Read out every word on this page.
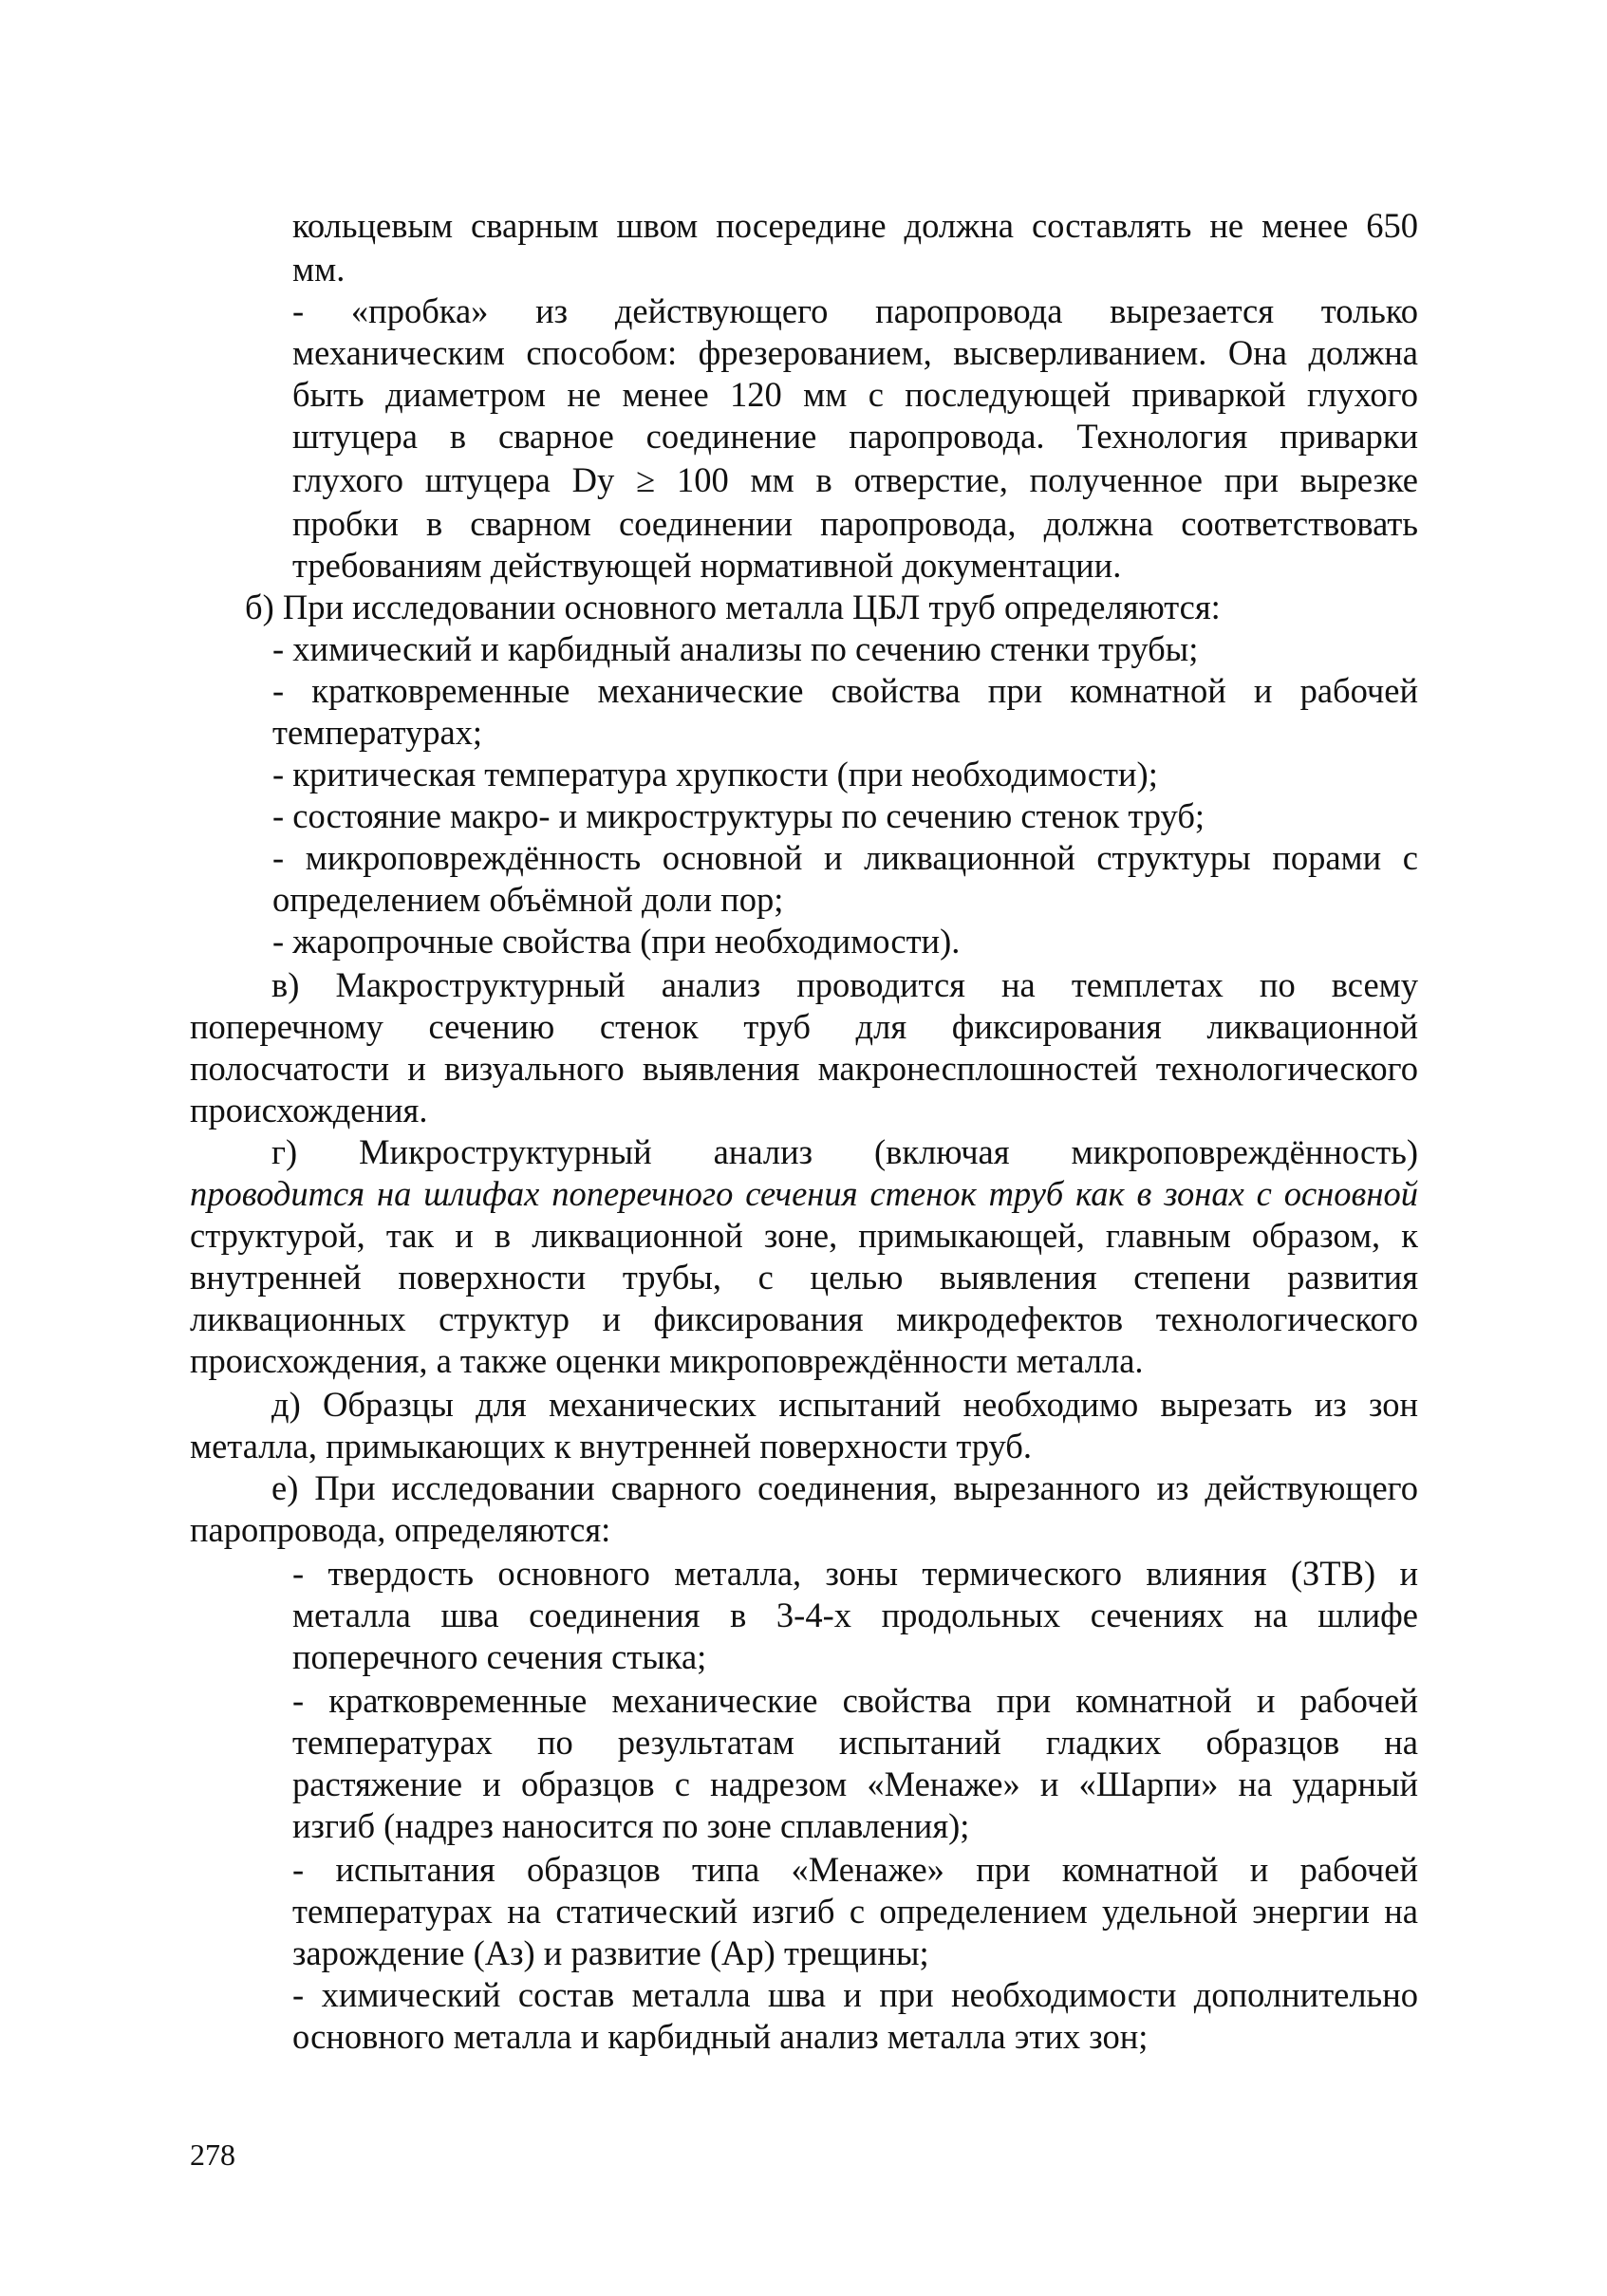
кольцевым сварным швом посередине должна составлять не менее 650
мм.
- «пробка» из действующего паропровода вырезается только
механическим способом: фрезерованием, высверливанием. Она должна
быть диаметром не менее 120 мм с последующей приваркой глухого
штуцера в сварное соединение паропровода. Технология приварки
глухого штуцера Dy ≥ 100 мм в отверстие, полученное при вырезке
пробки в сварном соединении паропровода, должна соответствовать
требованиям действующей нормативной документации.
б) При исследовании основного металла ЦБЛ труб определяются:
- химический и карбидный анализы по сечению стенки трубы;
- кратковременные механические свойства при комнатной и рабочей
температурах;
- критическая температура хрупкости (при необходимости);
- состояние макро- и микроструктуры по сечению стенок труб;
- микроповреждённость основной и ликвационной структуры порами с
определением объёмной доли пор;
- жаропрочные свойства (при необходимости).
в) Макроструктурный анализ проводится на темплетах по всему
поперечному сечению стенок труб для фиксирования ликвационной
полосчатости и визуального выявления макронесплошностей технологического
происхождения.
г) Микроструктурный анализ (включая микроповреждённость)
проводится на шлифах поперечного сечения стенок труб как в зонах с основной
структурой, так и в ликвационной зоне, примыкающей, главным образом, к
внутренней поверхности трубы, с целью выявления степени развития
ликвационных структур и фиксирования микродефектов технологического
происхождения, а также оценки микроповреждённости металла.
д) Образцы для механических испытаний необходимо вырезать из зон
металла, примыкающих к внутренней поверхности труб.
е) При исследовании сварного соединения, вырезанного из действующего
паропровода, определяются:
- твердость основного металла, зоны термического влияния (ЗТВ) и
металла шва соединения в 3-4-х продольных сечениях на шлифе
поперечного сечения стыка;
- кратковременные механические свойства при комнатной и рабочей
температурах по результатам испытаний гладких образцов на
растяжение и образцов с надрезом «Менаже» и «Шарпи» на ударный
изгиб (надрез наносится по зоне сплавления);
- испытания образцов типа «Менаже» при комнатной и рабочей
температурах на статический изгиб с определением удельной энергии на
зарождение (Аз) и развитие (Ар) трещины;
- химический состав металла шва и при необходимости дополнительно
основного металла и карбидный анализ металла этих зон;
278
